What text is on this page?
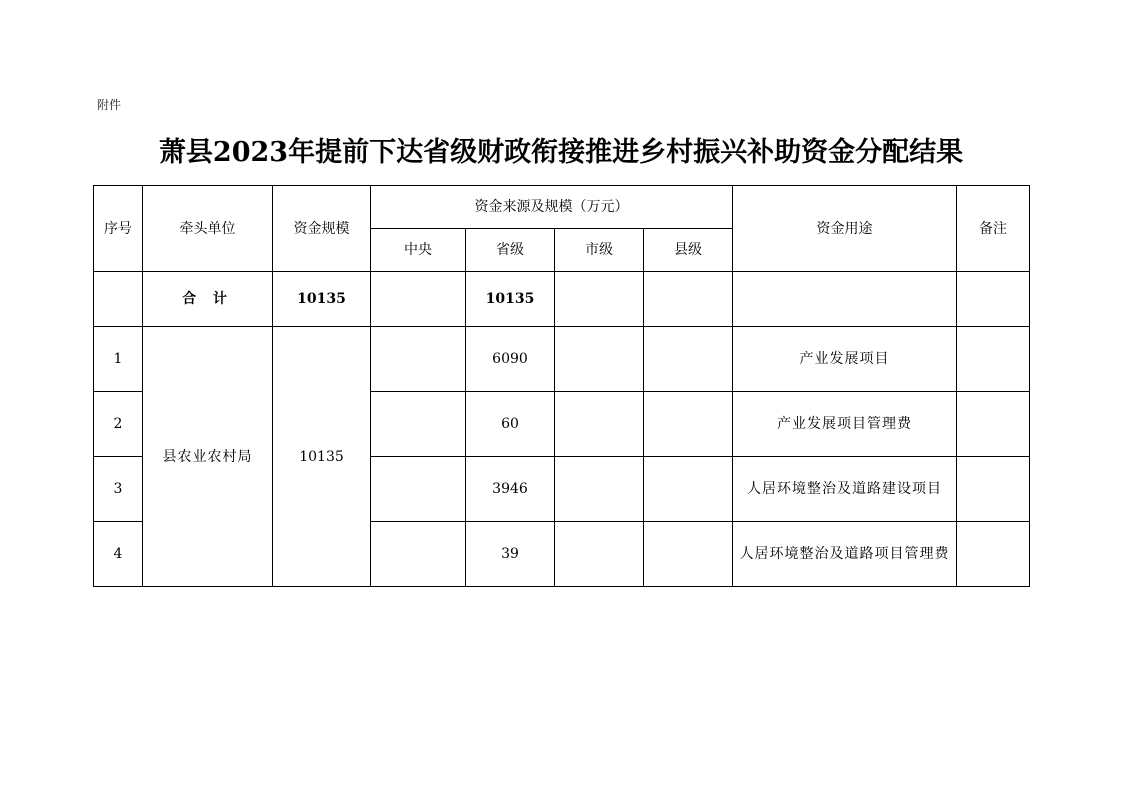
附件
萧县2023年提前下达省级财政衔接推进乡村振兴补助资金分配结果
序号	牵头单位	资金规模	资金来源及规模（万元）				资金用途	备注
			中央	省级	市级	县级		
	合 计	10135		10135				
1	县农业农村局	10135		6090			产业发展项目	
2				60			产业发展项目管理费	
3				3946			人居环境整治及道路建设项目	
4				39			人居环境整治及道路项目管理费	
